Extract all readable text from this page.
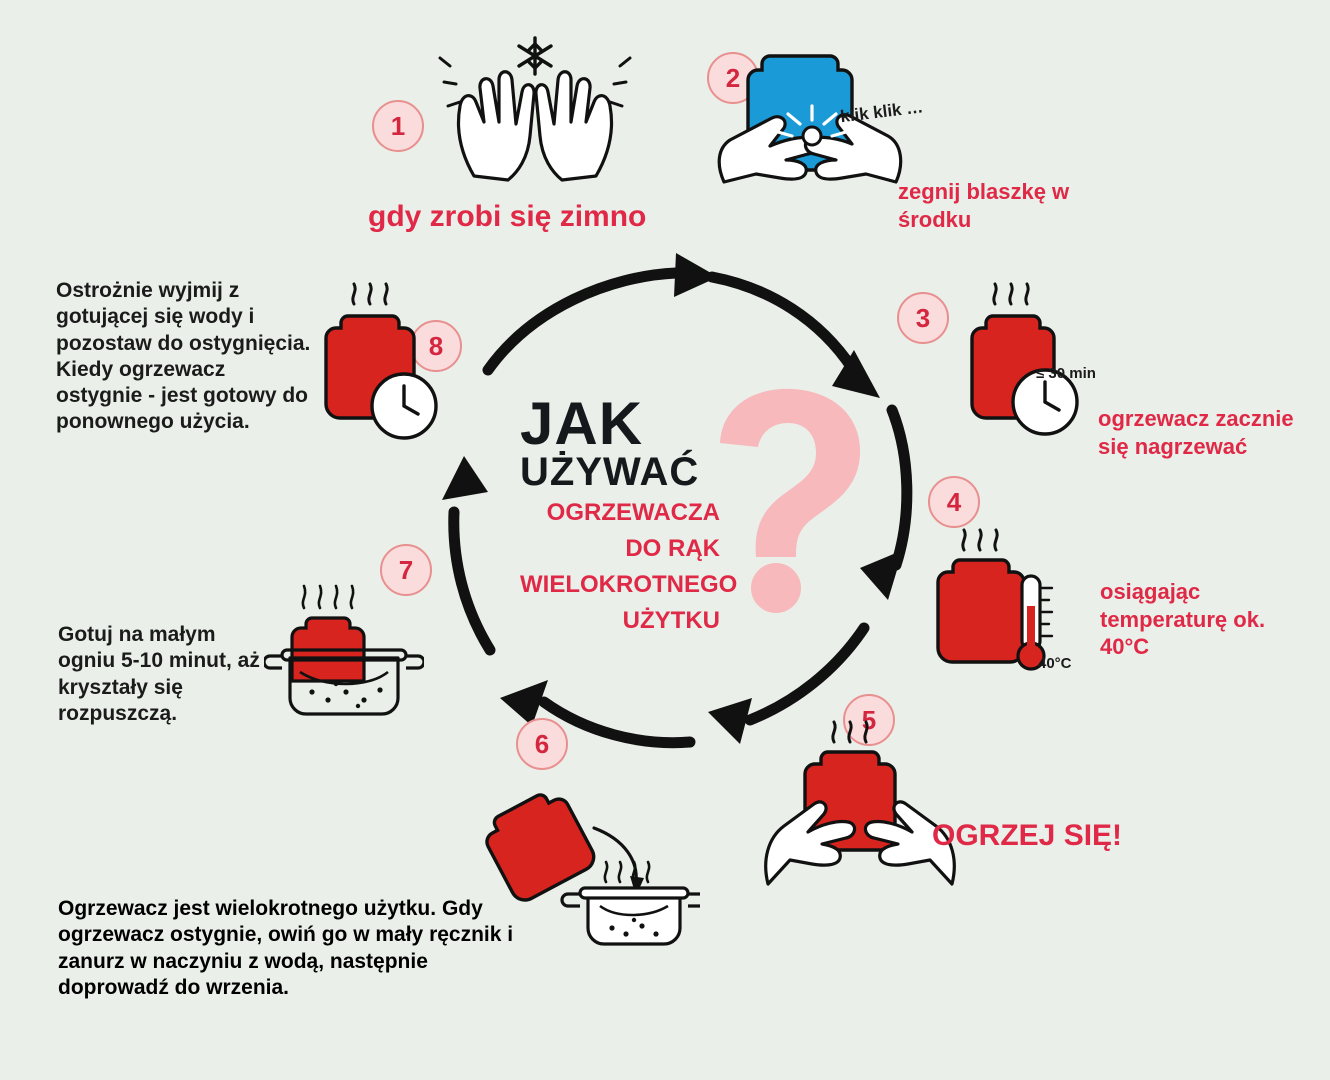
JAK
UŻYWAĆ
OGRZEWACZA
DO RĄK
WIELOKROTNEGO
UŻYTKU
1
gdy zrobi się zimno
2
klik klik …
zegnij blaszkę w środku
3
≤ 30 min
ogrzewacz zacznie się nagrzewać
4
40°C
osiągając temperaturę ok. 40°C
5
OGRZEJ SIĘ!
6
Ogrzewacz jest wielokrotnego użytku. Gdy ogrzewacz ostygnie, owiń go w mały ręcznik i zanurz w naczyniu z wodą, następnie doprowadź do wrzenia.
7
Gotuj na małym ogniu 5-10 minut, aż kryształy się rozpuszczą.
8
Ostrożnie wyjmij z gotującej się wody i pozostaw do ostygnięcia. Kiedy ogrzewacz ostygnie - jest gotowy do ponownego użycia.
